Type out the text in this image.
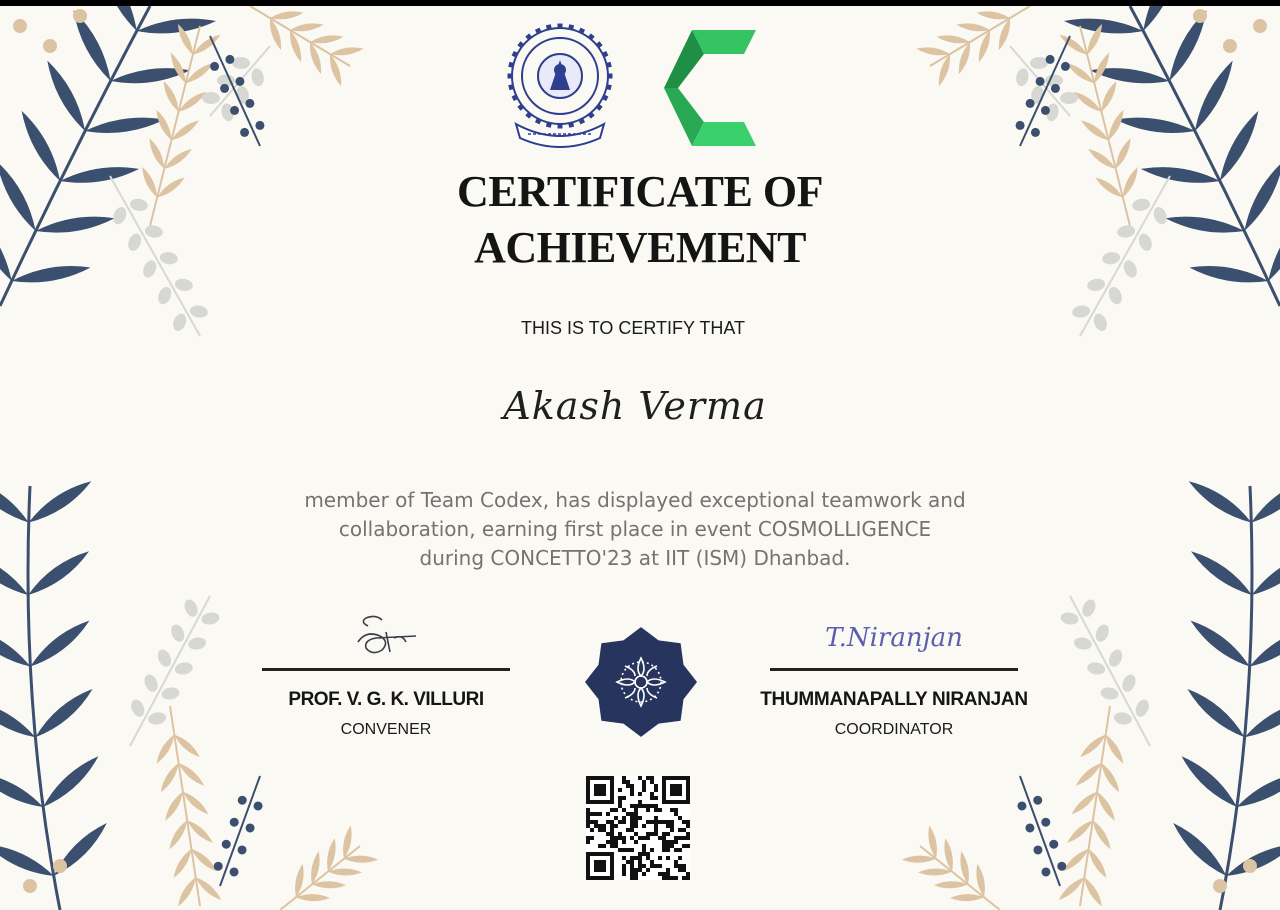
CERTIFICATE OF
ACHIEVEMENT
THIS IS TO CERTIFY THAT
Akash Verma
member of Team Codex, has displayed exceptional teamwork and
collaboration, earning first place in event COSMOLLIGENCE
during CONCETTO'23 at IIT (ISM) Dhanbad.
PROF. V. G. K. VILLURI
CONVENER
T.Niranjan
THUMMANAPALLY NIRANJAN
COORDINATOR
